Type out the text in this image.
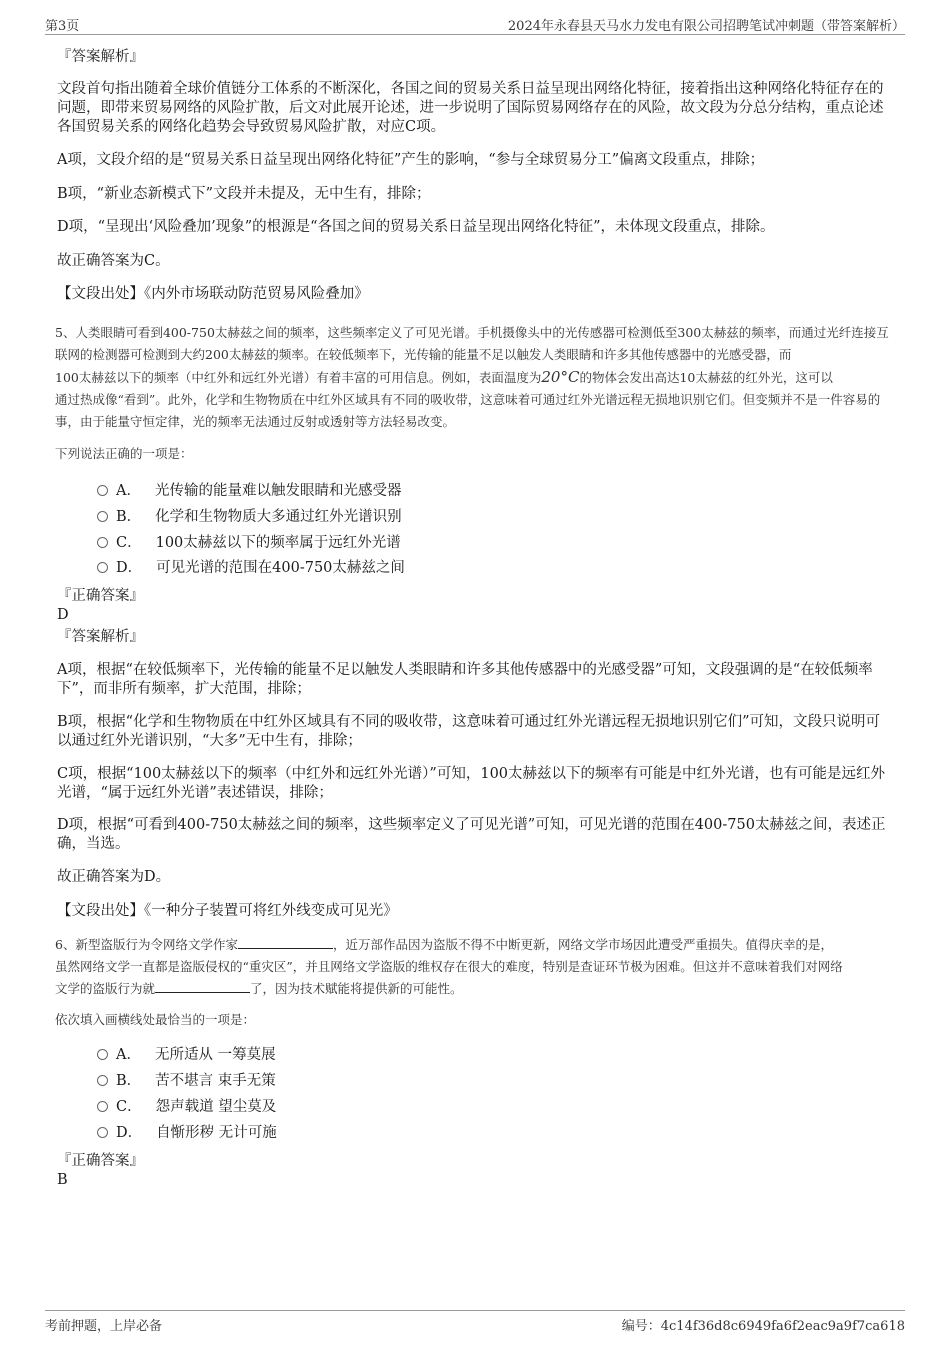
第3页	2024年永春县天马水力发电有限公司招聘笔试冲刺题（带答案解析）
『答案解析』
文段首句指出随着全球价值链分工体系的不断深化，各国之间的贸易关系日益呈现出网络化特征，接着指出这种网络化特征存在的问题，即带来贸易网络的风险扩散，后文对此展开论述，进一步说明了国际贸易网络存在的风险，故文段为分总分结构，重点论述各国贸易关系的网络化趋势会导致贸易风险扩散，对应C项。
A项，文段介绍的是“贸易关系日益呈现出网络化特征”产生的影响，“参与全球贸易分工”偏离文段重点，排除；
B项，“新业态新模式下”文段并未提及，无中生有，排除；
D项，“呈现出‘风险叠加’现象”的根源是“各国之间的贸易关系日益呈现出网络化特征”，未体现文段重点，排除。
故正确答案为C。
【文段出处】《内外市场联动防范贸易风险叠加》
5、人类眼睛可看到400-750太赫兹之间的频率，这些频率定义了可见光谱。手机摄像头中的光传感器可检测低至300太赫兹的频率，而通过光纤连接互联网的检测器可检测到大约200太赫兹的频率。在较低频率下，光传输的能量不足以触发人类眼睛和许多其他传感器中的光感受器，而
100太赫兹以下的频率（中红外和远红外光谱）有着丰富的可用信息。例如，表面温度为20°C的物体会发出高达10太赫兹的红外光，这可以
通过热成像“看到”。此外，化学和生物物质在中红外区域具有不同的吸收带，这意味着可通过红外光谱远程无损地识别它们。但变频并不是一件容易的事，由于能量守恒定律，光的频率无法通过反射或透射等方法轻易改变。
下列说法正确的一项是：
A． 光传输的能量难以触发眼睛和光感受器
B． 化学和生物物质大多通过红外光谱识别
C． 100太赫兹以下的频率属于远红外光谱
D． 可见光谱的范围在400-750太赫兹之间
『正确答案』
D
『答案解析』
A项，根据“在较低频率下，光传输的能量不足以触发人类眼睛和许多其他传感器中的光感受器”可知，文段强调的是“在较低频率下”，而非所有频率，扩大范围，排除；
B项，根据“化学和生物物质在中红外区域具有不同的吸收带，这意味着可通过红外光谱远程无损地识别它们”可知，文段只说明可以通过红外光谱识别，“大多”无中生有，排除；
C项，根据“100太赫兹以下的频率（中红外和远红外光谱）”可知，100太赫兹以下的频率有可能是中红外光谱，也有可能是远红外光谱，“属于远红外光谱”表述错误，排除；
D项，根据“可看到400-750太赫兹之间的频率，这些频率定义了可见光谱”可知，可见光谱的范围在400-750太赫兹之间，表述正确，当选。
故正确答案为D。
【文段出处】《一种分子装置可将红外线变成可见光》
6、新型盗版行为令网络文学作家	，近万部作品因为盗版不得不中断更新，网络文学市场因此遭受严重损失。值得庆幸的是，
虽然网络文学一直都是盗版侵权的“重灾区”，并且网络文学盗版的维权存在很大的难度，特别是查证环节极为困难。但这并不意味着我们对网络
文学的盗版行为就	了，因为技术赋能将提供新的可能性。
依次填入画横线处最恰当的一项是：
A． 无所适从 一筹莫展
B． 苦不堪言 束手无策
C． 怨声载道 望尘莫及
D． 自惭形秽 无计可施
『正确答案』
B
考前押题，上岸必备	编号：4c14f36d8c6949fa6f2eac9a9f7ca618
